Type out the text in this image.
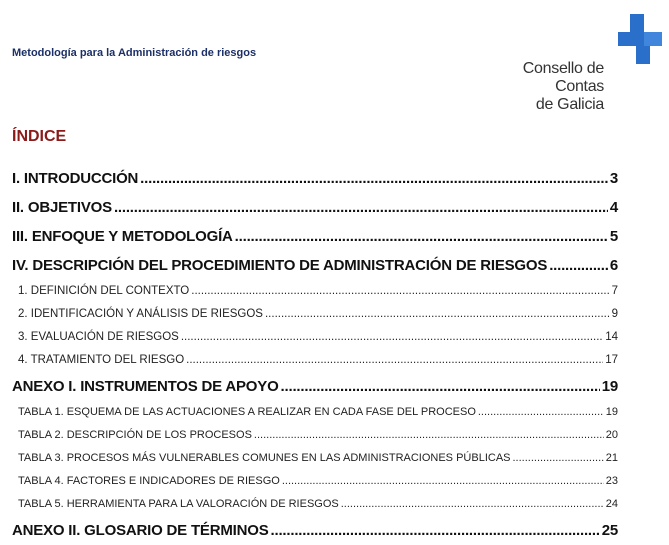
Metodología para la Administración de riesgos
Consello de Contas
de Galicia
ÍNDICE
I. INTRODUCCIÓN .....	3
II. OBJETIVOS .....	4
III. ENFOQUE Y METODOLOGÍA .....	5
IV. DESCRIPCIÓN DEL PROCEDIMIENTO DE ADMINISTRACIÓN DE RIESGOS .....	6
1. DEFINICIÓN DEL CONTEXTO .....	7
2. IDENTIFICACIÓN Y ANÁLISIS DE RIESGOS .....	9
3. EVALUACIÓN DE RIESGOS .....	14
4. TRATAMIENTO DEL RIESGO .....	17
ANEXO I. INSTRUMENTOS DE APOYO .....	19
TABLA 1. ESQUEMA DE LAS ACTUACIONES A REALIZAR EN CADA FASE DEL PROCESO .....	19
TABLA 2. DESCRIPCIÓN DE LOS PROCESOS .....	20
TABLA 3. PROCESOS MÁS VULNERABLES COMUNES EN LAS ADMINISTRACIONES PÚBLICAS .....	21
TABLA 4. FACTORES E INDICADORES DE RIESGO .....	23
TABLA 5. HERRAMIENTA PARA LA VALORACIÓN DE RIESGOS .....	24
ANEXO II. GLOSARIO DE TÉRMINOS .....	25
